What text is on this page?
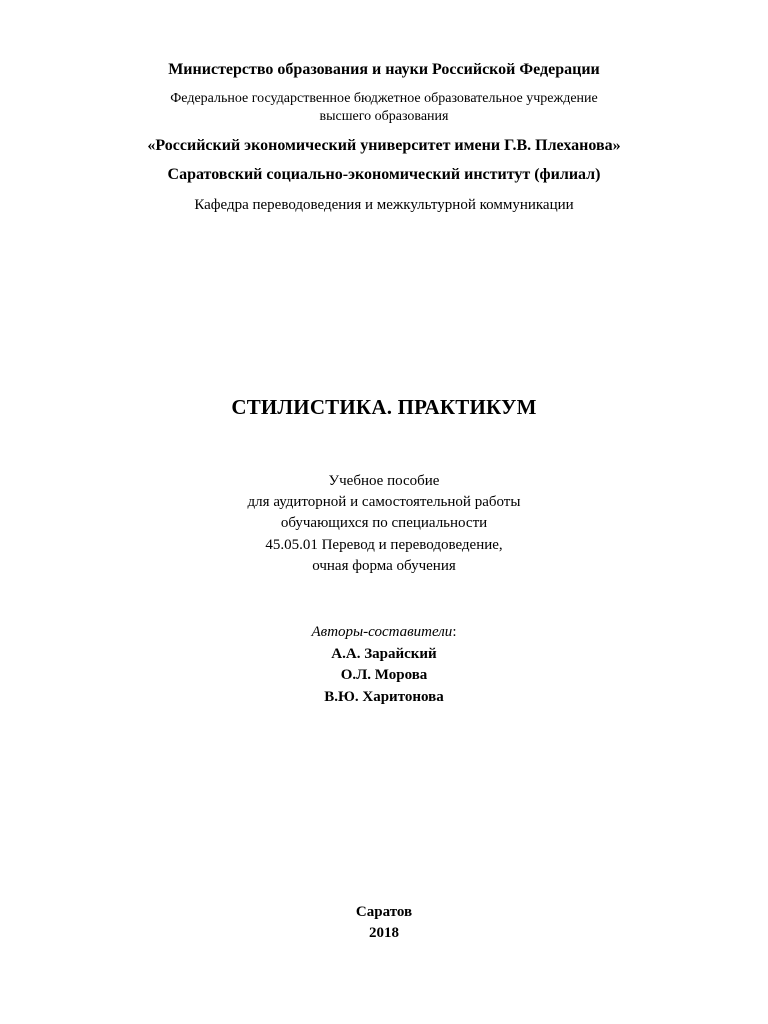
Министерство образования и науки Российской Федерации
Федеральное государственное бюджетное образовательное учреждение
высшего образования
«Российский экономический университет имени Г.В. Плеханова»
Саратовский социально-экономический институт (филиал)
Кафедра переводоведения и межкультурной коммуникации
СТИЛИСТИКА. ПРАКТИКУМ
Учебное пособие
для аудиторной и самостоятельной работы
обучающихся по специальности
45.05.01 Перевод и переводоведение,
очная форма обучения
Авторы-составители:
А.А. Зарайский
О.Л. Морова
В.Ю. Харитонова
Саратов
2018
